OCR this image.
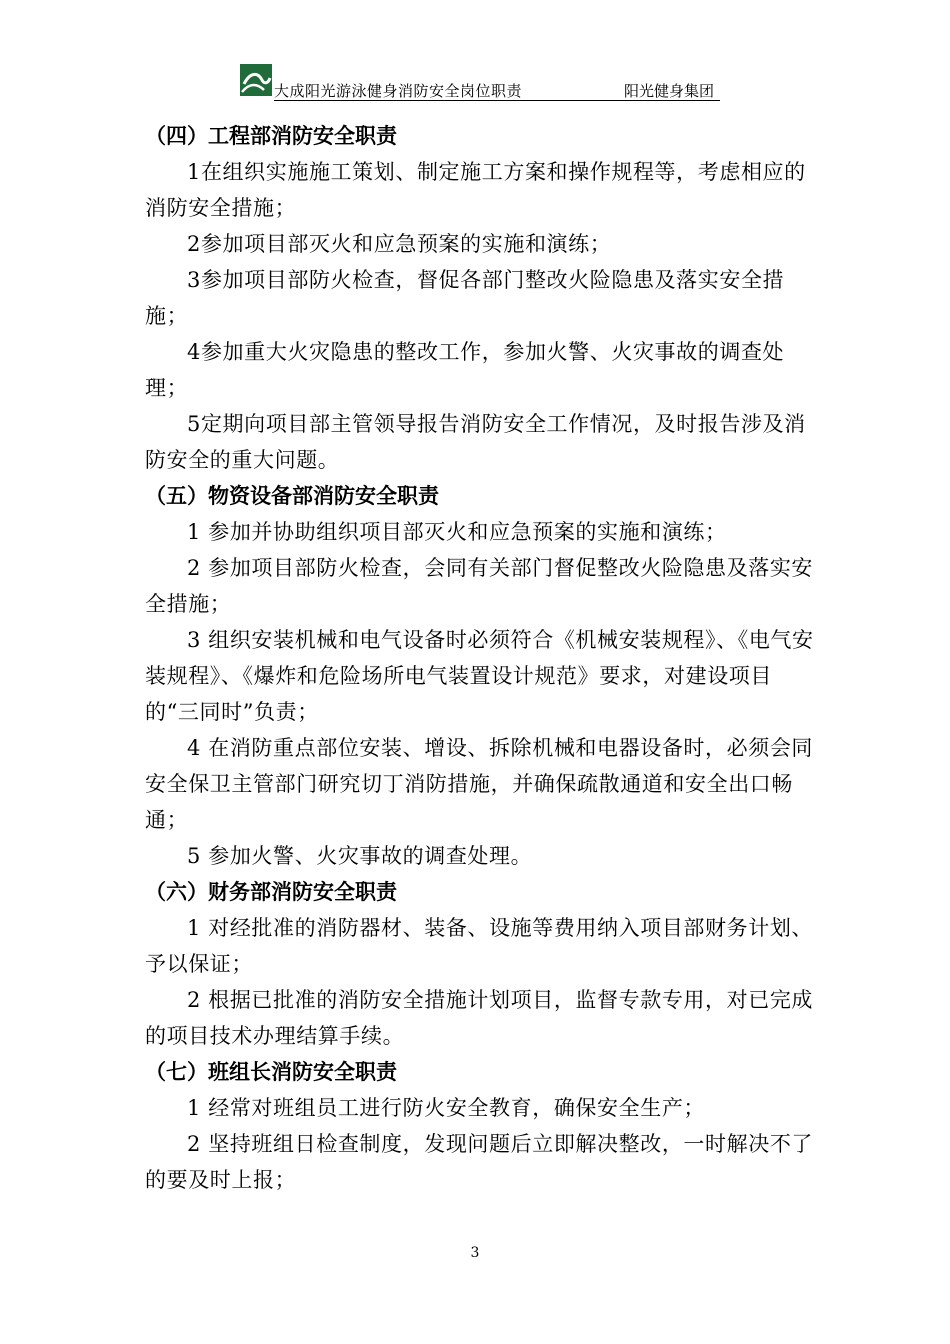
大成阳光游泳健身消防安全岗位职责	阳光健身集团

（四）工程部消防安全职责

1在组织实施施工策划、制定施工方案和操作规程等，考虑相应的消防安全措施；

2参加项目部灭火和应急预案的实施和演练；

3参加项目部防火检查，督促各部门整改火险隐患及落实安全措施；

4参加重大火灾隐患的整改工作，参加火警、火灾事故的调查处理；

5定期向项目部主管领导报告消防安全工作情况，及时报告涉及消防安全的重大问题。

（五）物资设备部消防安全职责

1 参加并协助组织项目部灭火和应急预案的实施和演练；

2 参加项目部防火检查，会同有关部门督促整改火险隐患及落实安全措施；

3 组织安装机械和电气设备时必须符合《机械安装规程》、《电气安装规程》、《爆炸和危险场所电气装置设计规范》要求，对建设项目的“三同时”负责；

4 在消防重点部位安装、增设、拆除机械和电器设备时，必须会同安全保卫主管部门研究切丁消防措施，并确保疏散通道和安全出口畅通；

5 参加火警、火灾事故的调查处理。

（六）财务部消防安全职责

1 对经批准的消防器材、装备、设施等费用纳入项目部财务计划、予以保证；

2 根据已批准的消防安全措施计划项目，监督专款专用，对已完成的项目技术办理结算手续。

（七）班组长消防安全职责

1 经常对班组员工进行防火安全教育，确保安全生产；

2 坚持班组日检查制度，发现问题后立即解决整改，一时解决不了的要及时上报；

3
